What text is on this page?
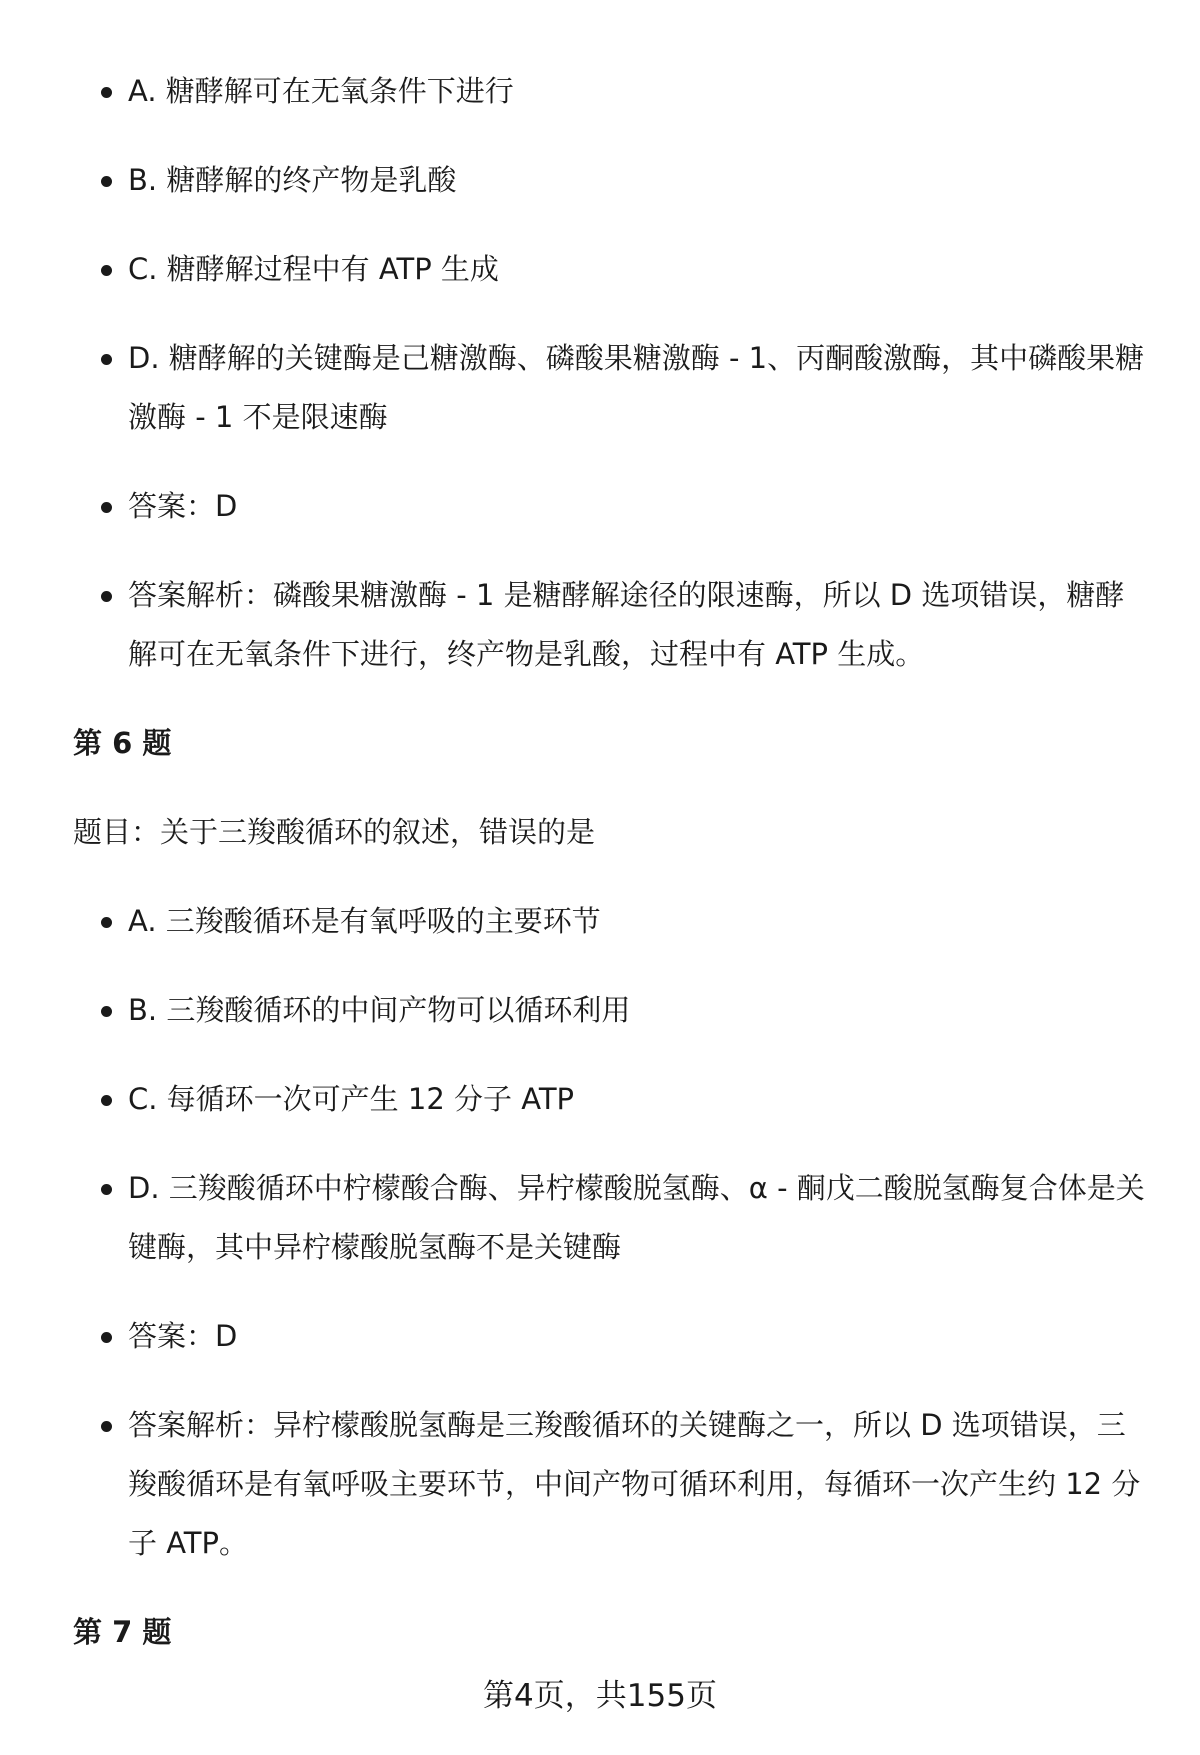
A. 糖酵解可在无氧条件下进行
B. 糖酵解的终产物是乳酸
C. 糖酵解过程中有 ATP 生成
D. 糖酵解的关键酶是己糖激酶、磷酸果糖激酶 - 1、丙酮酸激酶，其中磷酸果糖激酶 - 1 不是限速酶
答案：D
答案解析：磷酸果糖激酶 - 1 是糖酵解途径的限速酶，所以 D 选项错误，糖酵解可在无氧条件下进行，终产物是乳酸，过程中有 ATP 生成。
第 6 题
题目：关于三羧酸循环的叙述，错误的是
A. 三羧酸循环是有氧呼吸的主要环节
B. 三羧酸循环的中间产物可以循环利用
C. 每循环一次可产生 12 分子 ATP
D. 三羧酸循环中柠檬酸合酶、异柠檬酸脱氢酶、α - 酮戊二酸脱氢酶复合体是关键酶，其中异柠檬酸脱氢酶不是关键酶
答案：D
答案解析：异柠檬酸脱氢酶是三羧酸循环的关键酶之一，所以 D 选项错误，三羧酸循环是有氧呼吸主要环节，中间产物可循环利用，每循环一次产生约 12 分子 ATP。
第 7 题
第4页，共155页
